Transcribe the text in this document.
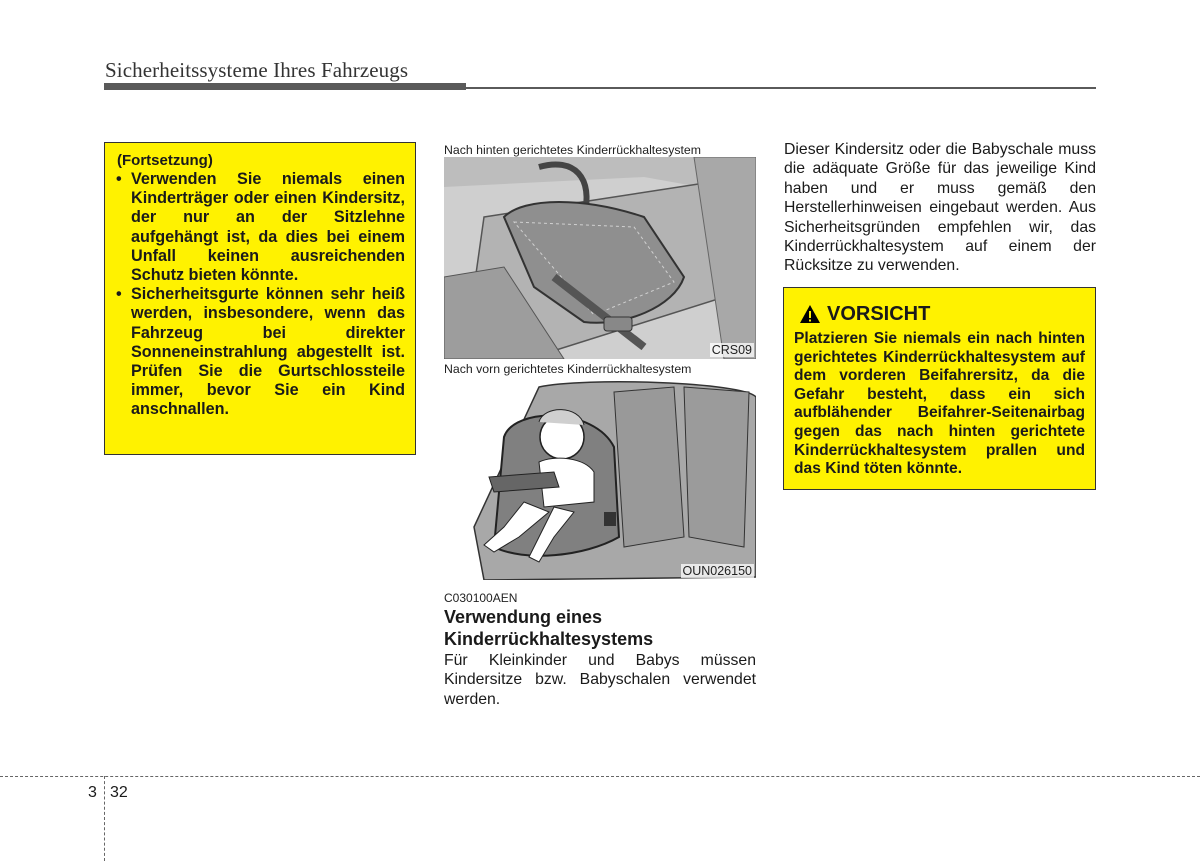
Sicherheitssysteme Ihres Fahrzeugs
(Fortsetzung)
• Verwenden Sie niemals einen Kinderträger oder einen Kindersitz, der nur an der Sitzlehne aufgehängt ist, da dies bei einem Unfall keinen ausreichenden Schutz bieten könnte.
• Sicherheitsgurte können sehr heiß werden, insbesondere, wenn das Fahrzeug bei direkter Sonneneinstrahlung abgestellt ist. Prüfen Sie die Gurtschlossteile immer, bevor Sie ein Kind anschnallen.
Nach hinten gerichtetes Kinderrückhaltesystem
CRS09
Nach vorn gerichtetes Kinderrückhaltesystem
OUN026150
C030100AEN
Verwendung eines Kinderrückhaltesystems
Für Kleinkinder und Babys müssen Kindersitze bzw. Babyschalen verwendet werden.
Dieser Kindersitz oder die Babyschale muss die adäquate Größe für das jeweilige Kind haben und er muss gemäß den Herstellerhinweisen eingebaut werden. Aus Sicherheitsgründen empfehlen wir, das Kinderrückhaltesystem auf einem der Rücksitze zu verwenden.
VORSICHT
Platzieren Sie niemals ein nach hinten gerichtetes Kinderrückhaltesystem auf dem vorderen Beifahrersitz, da die Gefahr besteht, dass ein sich aufblähender Beifahrer-Seitenairbag gegen das nach hinten gerichtete Kinderrückhaltesystem prallen und das Kind töten könnte.
3 32
